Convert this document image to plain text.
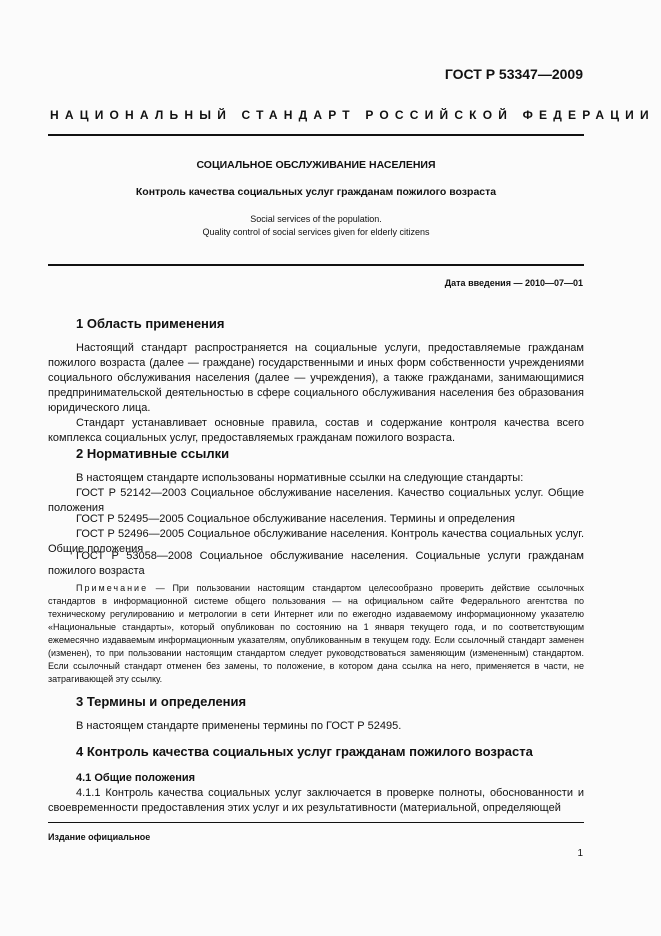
ГОСТ Р 53347—2009
НАЦИОНАЛЬНЫЙ СТАНДАРТ РОССИЙСКОЙ ФЕДЕРАЦИИ
СОЦИАЛЬНОЕ ОБСЛУЖИВАНИЕ НАСЕЛЕНИЯ
Контроль качества социальных услуг гражданам пожилого возраста
Social services of the population.
Quality control of social services given for elderly citizens
Дата введения — 2010—07—01
1 Область применения
Настоящий стандарт распространяется на социальные услуги, предоставляемые гражданам пожилого возраста (далее — граждане) государственными и иных форм собственности учреждениями социального обслуживания населения (далее — учреждения), а также гражданами, занимающимися предпринимательской деятельностью в сфере социального обслуживания населения без образования юридического лица.
Стандарт устанавливает основные правила, состав и содержание контроля качества всего комплекса социальных услуг, предоставляемых гражданам пожилого возраста.
2 Нормативные ссылки
В настоящем стандарте использованы нормативные ссылки на следующие стандарты:
ГОСТ Р 52142—2003 Социальное обслуживание населения. Качество социальных услуг. Общие положения
ГОСТ Р 52495—2005 Социальное обслуживание населения. Термины и определения
ГОСТ Р 52496—2005 Социальное обслуживание населения. Контроль качества социальных услуг. Общие положения
ГОСТ Р 53058—2008 Социальное обслуживание населения. Социальные услуги гражданам пожилого возраста
Примечание — При пользовании настоящим стандартом целесообразно проверить действие ссылочных стандартов в информационной системе общего пользования — на официальном сайте Федерального агентства по техническому регулированию и метрологии в сети Интернет или по ежегодно издаваемому информационному указателю «Национальные стандарты», который опубликован по состоянию на 1 января текущего года, и по соответствующим ежемесячно издаваемым информационным указателям, опубликованным в текущем году. Если ссылочный стандарт заменен (изменен), то при пользовании настоящим стандартом следует руководствоваться заменяющим (измененным) стандартом. Если ссылочный стандарт отменен без замены, то положение, в котором дана ссылка на него, применяется в части, не затрагивающей эту ссылку.
3 Термины и определения
В настоящем стандарте применены термины по ГОСТ Р 52495.
4 Контроль качества социальных услуг гражданам пожилого возраста
4.1 Общие положения
4.1.1 Контроль качества социальных услуг заключается в проверке полноты, обоснованности и своевременности предоставления этих услуг и их результативности (материальной, определяющей
Издание официальное
1
